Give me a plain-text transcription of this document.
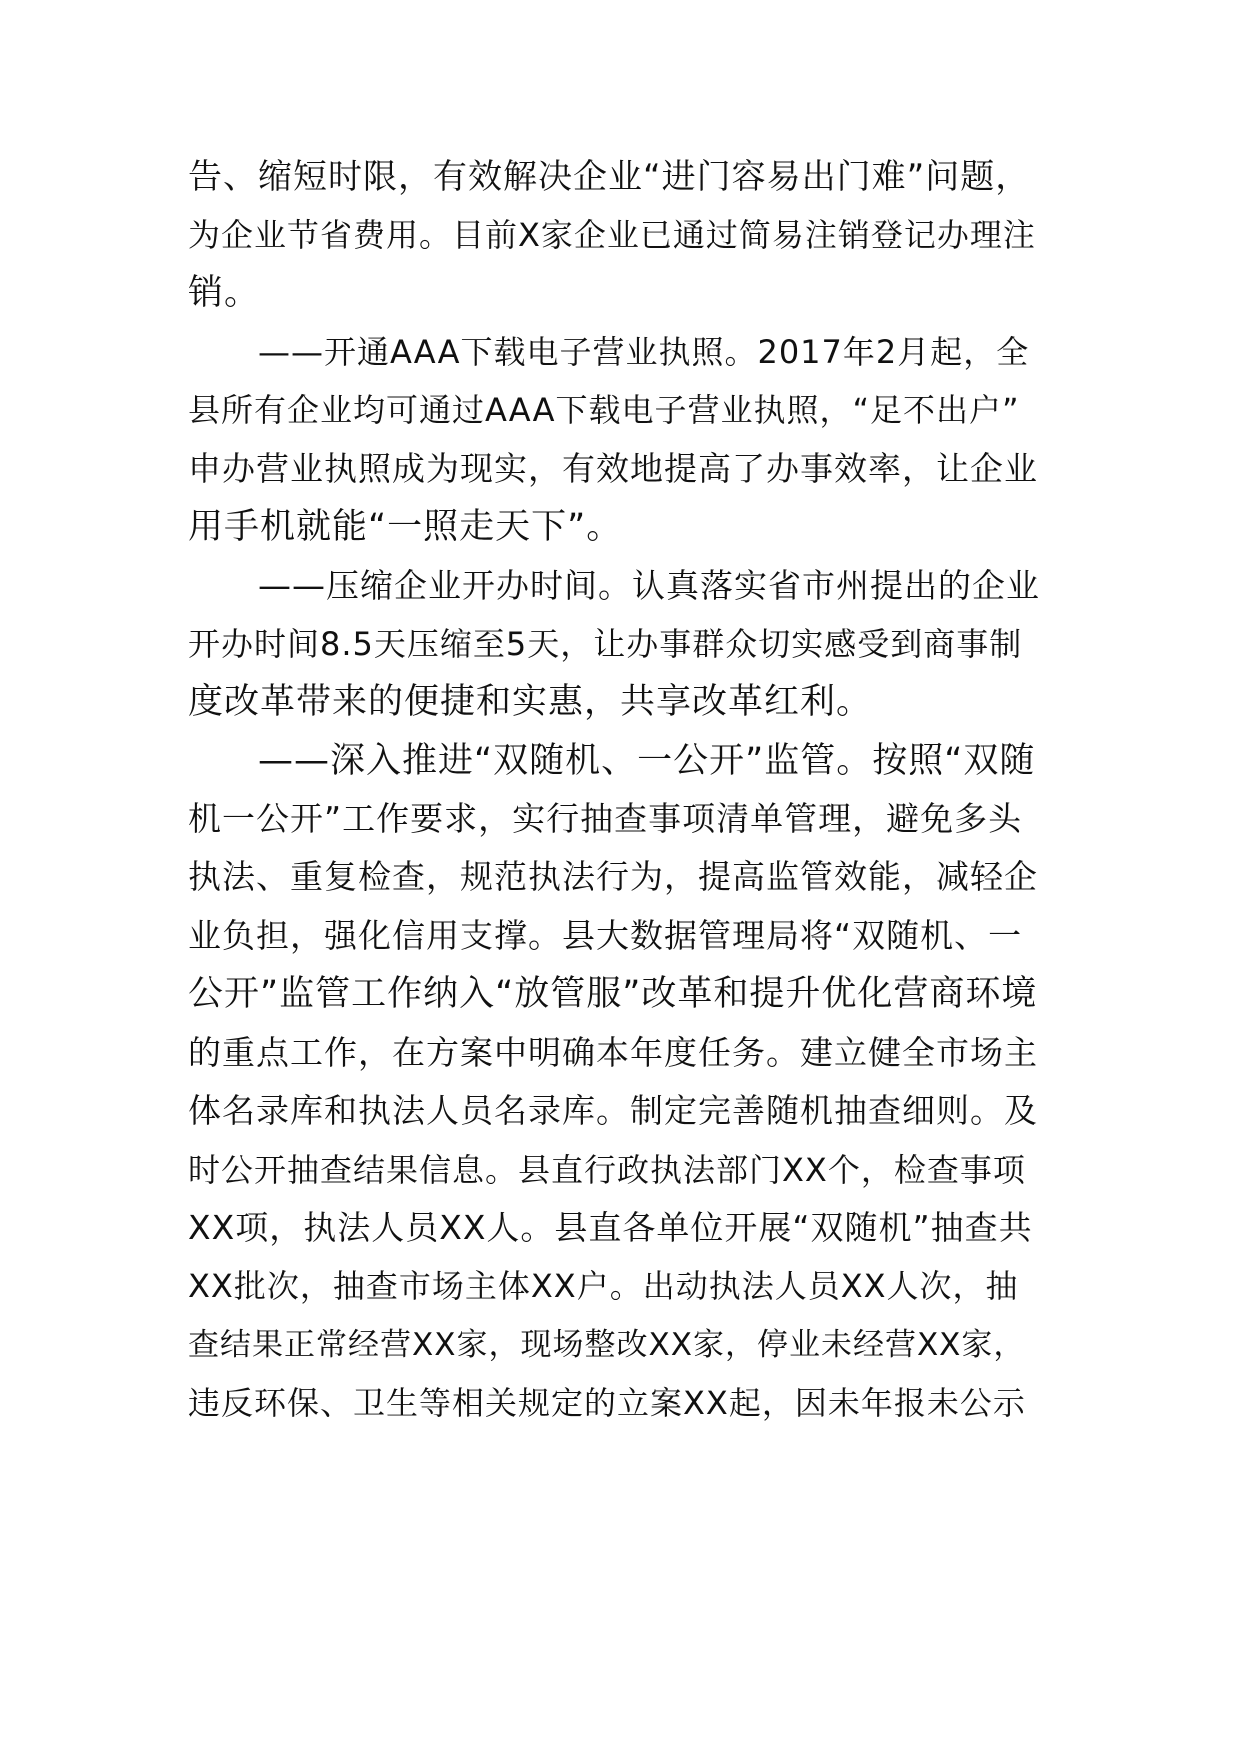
告、缩短时限，有效解决企业“进门容易出门难”问题，
为企业节省费用。目前X家企业已通过简易注销登记办理注
销。
——开通AAA下载电子营业执照。2017年2月起，全
县所有企业均可通过AAA下载电子营业执照，“足不出户”
申办营业执照成为现实，有效地提高了办事效率，让企业
用手机就能“一照走天下”。
——压缩企业开办时间。认真落实省市州提出的企业
开办时间8.5天压缩至5天，让办事群众切实感受到商事制
度改革带来的便捷和实惠，共享改革红利。
——深入推进“双随机、一公开”监管。按照“双随
机一公开”工作要求，实行抽查事项清单管理，避免多头
执法、重复检查，规范执法行为，提高监管效能，减轻企
业负担，强化信用支撑。县大数据管理局将“双随机、一
公开”监管工作纳入“放管服”改革和提升优化营商环境
的重点工作，在方案中明确本年度任务。建立健全市场主
体名录库和执法人员名录库。制定完善随机抽查细则。及
时公开抽查结果信息。县直行政执法部门XX个，检查事项
XX项，执法人员XX人。县直各单位开展“双随机”抽查共
XX批次，抽查市场主体XX户。出动执法人员XX人次，抽
查结果正常经营XX家，现场整改XX家，停业未经营XX家，
违反环保、卫生等相关规定的立案XX起，因未年报未公示
